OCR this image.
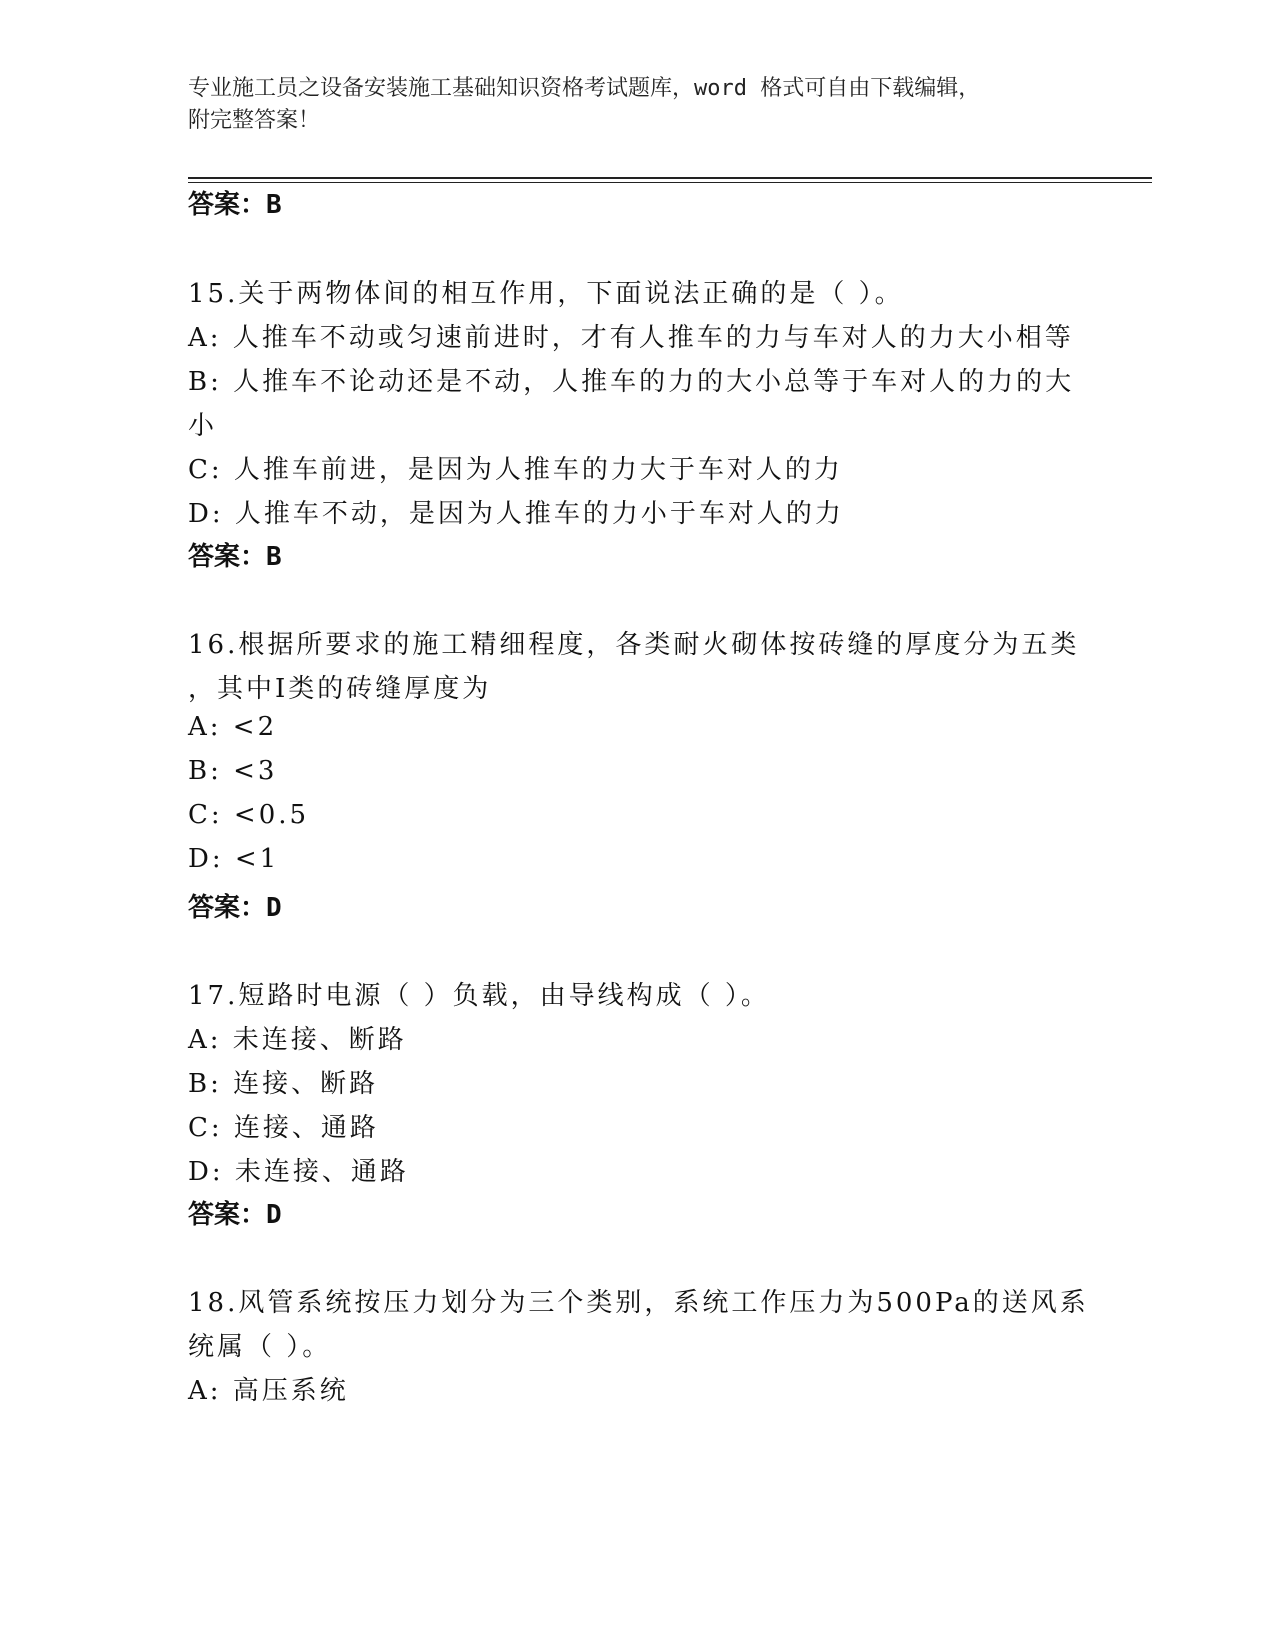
专业施工员之设备安装施工基础知识资格考试题库，word 格式可自由下载编辑，
附完整答案！
答案：B
15.关于两物体间的相互作用，下面说法正确的是（ ）。
A: 人推车不动或匀速前进时，才有人推车的力与车对人的力大小相等
B: 人推车不论动还是不动，人推车的力的大小总等于车对人的力的大
小
C: 人推车前进，是因为人推车的力大于车对人的力
D: 人推车不动，是因为人推车的力小于车对人的力
答案：B
16.根据所要求的施工精细程度，各类耐火砌体按砖缝的厚度分为五类
，其中Ⅰ类的砖缝厚度为
A: <2
B: <3
C: <0.5
D: <1
答案：D
17.短路时电源（ ）负载，由导线构成（ ）。
A: 未连接、断路
B: 连接、断路
C: 连接、通路
D: 未连接、通路
答案：D
18.风管系统按压力划分为三个类别，系统工作压力为500Pa的送风系
统属（ ）。
A: 高压系统
